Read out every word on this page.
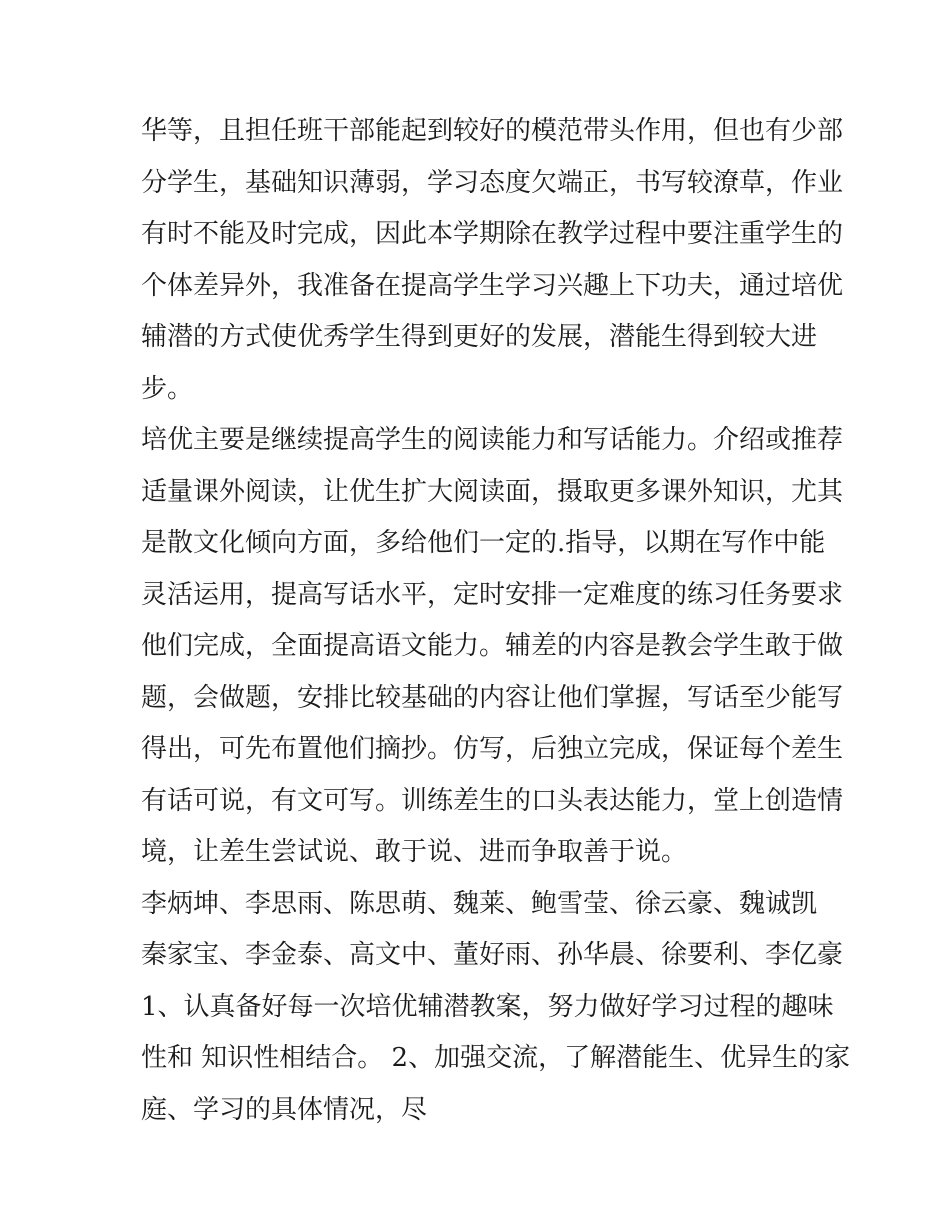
华等，且担任班干部能起到较好的模范带头作用，但也有少部
分学生，基础知识薄弱，学习态度欠端正，书写较潦草，作业
有时不能及时完成，因此本学期除在教学过程中要注重学生的
个体差异外，我准备在提高学生学习兴趣上下功夫，通过培优
辅潜的方式使优秀学生得到更好的发展，潜能生得到较大进
步。
培优主要是继续提高学生的阅读能力和写话能力。介绍或推荐
适量课外阅读，让优生扩大阅读面，摄取更多课外知识，尤其
是散文化倾向方面，多给他们一定的.指导，以期在写作中能
灵活运用，提高写话水平，定时安排一定难度的练习任务要求
他们完成，全面提高语文能力。辅差的内容是教会学生敢于做
题，会做题，安排比较基础的内容让他们掌握，写话至少能写
得出，可先布置他们摘抄。仿写，后独立完成，保证每个差生
有话可说，有文可写。训练差生的口头表达能力，堂上创造情
境，让差生尝试说、敢于说、进而争取善于说。
李炳坤、李思雨、陈思萌、魏莱、鲍雪莹、徐云豪、魏诚凯
秦家宝、李金泰、高文中、董好雨、孙华晨、徐要利、李亿豪
1、认真备好每一次培优辅潜教案，努力做好学习过程的趣味
性和 知识性相结合。 2、加强交流，了解潜能生、优异生的家
庭、学习的具体情况，尽
